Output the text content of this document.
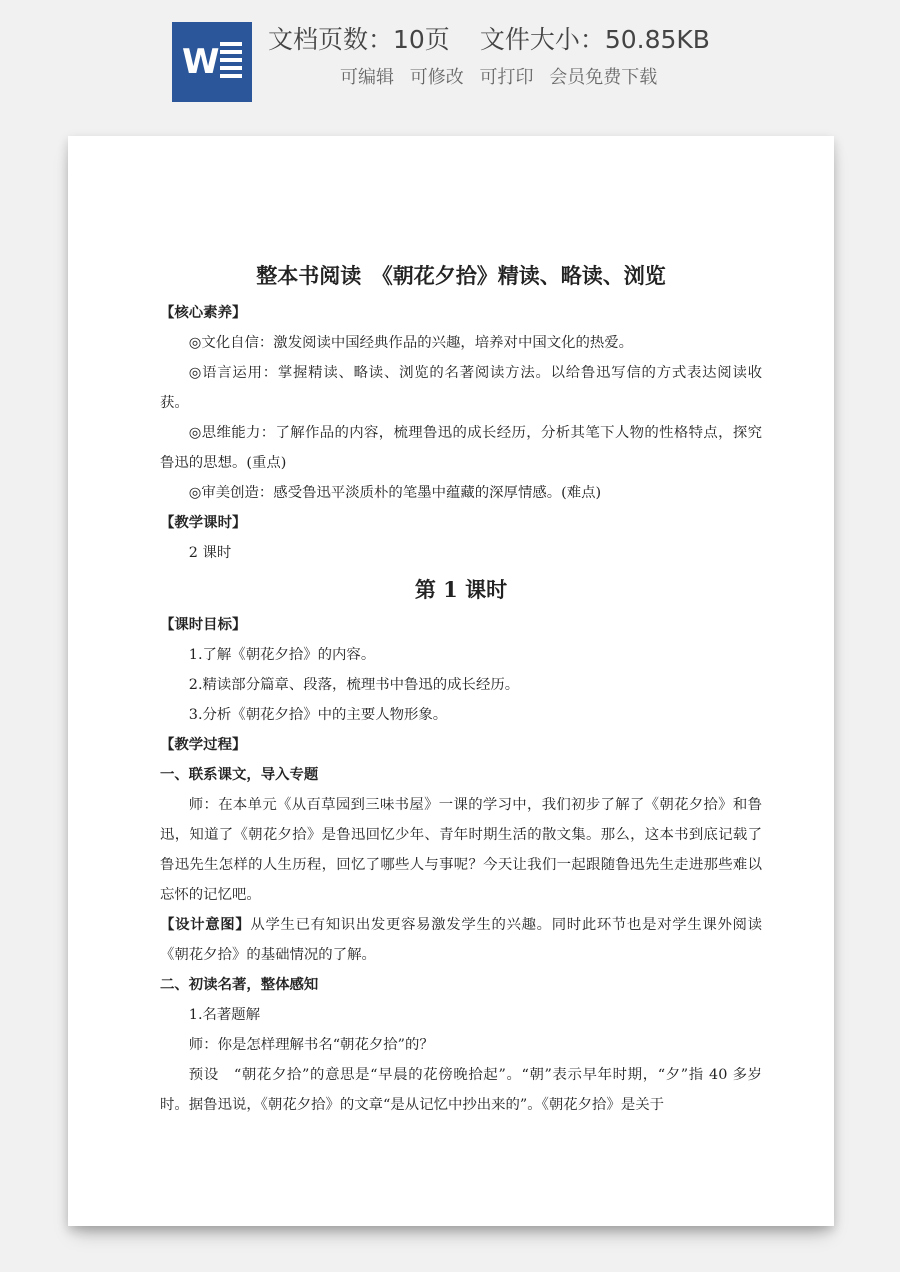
W
文档页数：10页 文件大小：50.85KB
可编辑 可修改 可打印 会员免费下载

整本书阅读　《朝花夕拾》精读、略读、浏览

【核心素养】

◎文化自信：激发阅读中国经典作品的兴趣，培养对中国文化的热爱。

◎语言运用：掌握精读、略读、浏览的名著阅读方法。以给鲁迅写信的方式表达阅读收获。

◎思维能力：了解作品的内容，梳理鲁迅的成长经历，分析其笔下人物的性格特点，探究鲁迅的思想。(重点)

◎审美创造：感受鲁迅平淡质朴的笔墨中蕴藏的深厚情感。(难点)

【教学课时】

2 课时

第 1 课时

【课时目标】

1.了解《朝花夕拾》的内容。

2.精读部分篇章、段落，梳理书中鲁迅的成长经历。

3.分析《朝花夕拾》中的主要人物形象。

【教学过程】

一、联系课文，导入专题

师：在本单元《从百草园到三味书屋》一课的学习中，我们初步了解了《朝花夕拾》和鲁迅，知道了《朝花夕拾》是鲁迅回忆少年、青年时期生活的散文集。那么，这本书到底记载了鲁迅先生怎样的人生历程，回忆了哪些人与事呢？今天让我们一起跟随鲁迅先生走进那些难以忘怀的记忆吧。

【设计意图】从学生已有知识出发更容易激发学生的兴趣。同时此环节也是对学生课外阅读《朝花夕拾》的基础情况的了解。

二、初读名著，整体感知

1.名著题解

师：你是怎样理解书名“朝花夕拾”的？

预设　“朝花夕拾”的意思是“早晨的花傍晚拾起”。“朝”表示早年时期，“夕”指 40 多岁时。据鲁迅说，《朝花夕拾》的文章“是从记忆中抄出来的”。《朝花夕拾》是关于
